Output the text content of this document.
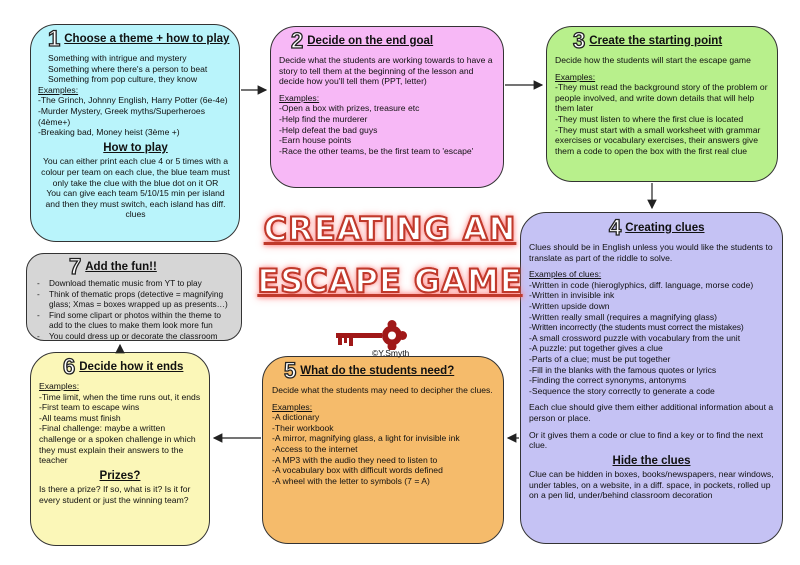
1 Choose a theme + how to play
Something with intrigue and mystery
Something where there's a person to beat
Something from pop culture, they know
Examples:
-The Grinch, Johnny English, Harry Potter (6e-4e)
-Murder Mystery, Greek myths/Superheroes
(4ème+)
-Breaking bad, Money heist (3ème +)
How to play
You can either print each clue 4 or 5 times with a colour per team on each clue, the blue team must only take the clue with the blue dot on it OR
You can give each team 5/10/15 min per island and then they must switch, each island has diff. clues
2 Decide on the end goal
Decide what the students are working towards to have a story to tell them at the beginning of the lesson and decide how you'll tell them (PPT, letter)
Examples:
-Open a box with prizes, treasure etc
-Help find the murderer
-Help defeat the bad guys
-Earn house points
-Race the other teams, be the first team to 'escape'
3 Create the starting point
Decide how the students will start the escape game
Examples:
-They must read the background story of the problem or people involved, and write down details that will help them later
-They must listen to where the first clue is located
-They must start with a small worksheet with grammar exercises or vocabulary exercises, their answers give them a code to open the box with the first real clue
4 Creating clues
Clues should be in English unless you would like the students to translate as part of the riddle to solve.
Examples of clues:
-Written in code (hieroglyphics, diff. language, morse code)
-Written in invisible ink
-Written upside down
-Written really small (requires a magnifying glass)
-Written incorrectly (the students must correct the mistakes)
-A small crossword puzzle with vocabulary from the unit
-A puzzle: put together gives a clue
-Parts of a clue; must be put together
-Fill in the blanks with the famous quotes or lyrics
-Finding the correct synonyms, antonyms
-Sequence the story correctly to generate a code
Each clue should give them either additional information about a person or place.
Or it gives them a code or clue to find a key or to find the next clue.
Hide the clues
Clue can be hidden in boxes, books/newspapers, near windows, under tables, on a website, in a diff. space, in pockets, rolled up on a pen lid, under/behind classroom decoration
5 What do the students need?
Decide what the students may need to decipher the clues.
Examples:
-A dictionary
-Their workbook
-A mirror, magnifying glass, a light for invisible ink
-Access to the internet
-A MP3 with the audio they need to listen to
-A vocabulary box with difficult words defined
-A wheel with the letter to symbols (7 = A)
6 Decide how it ends
Examples:
-Time limit, when the time runs out, it ends
-First team to escape wins
-All teams must finish
-Final challenge: maybe a written challenge or a spoken challenge in which they must explain their answers to the teacher
Prizes?
Is there a prize? If so, what is it? Is it for every student or just the winning team?
7 Add the fun!!
- Download thematic music from YT to play
- Think of thematic props (detective = magnifying glass; Xmas = boxes wrapped up as presents…)
- Find some clipart or photos within the theme to add to the clues to make them look more fun
- You could dress up or decorate the classroom
CREATING AN
ESCAPE GAME
©Y.Smyth
